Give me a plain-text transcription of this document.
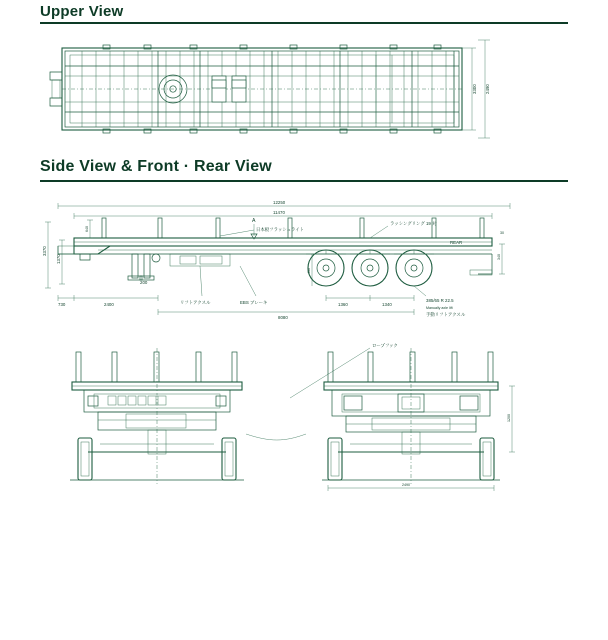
Upper View
Side View & Front · Rear View
3300 2490
12250
11470
A
REAR
3370
1370
640
200
30
340
430
730	2400
8080
1360	1340
日本板フラッシュライト
ラッシングリング 19 対
リフトアクスル	EBS ブレーキ	385/65 R 22.5
Manually axle lift
手動リフトアクスル
ロープフック
1200
2490
